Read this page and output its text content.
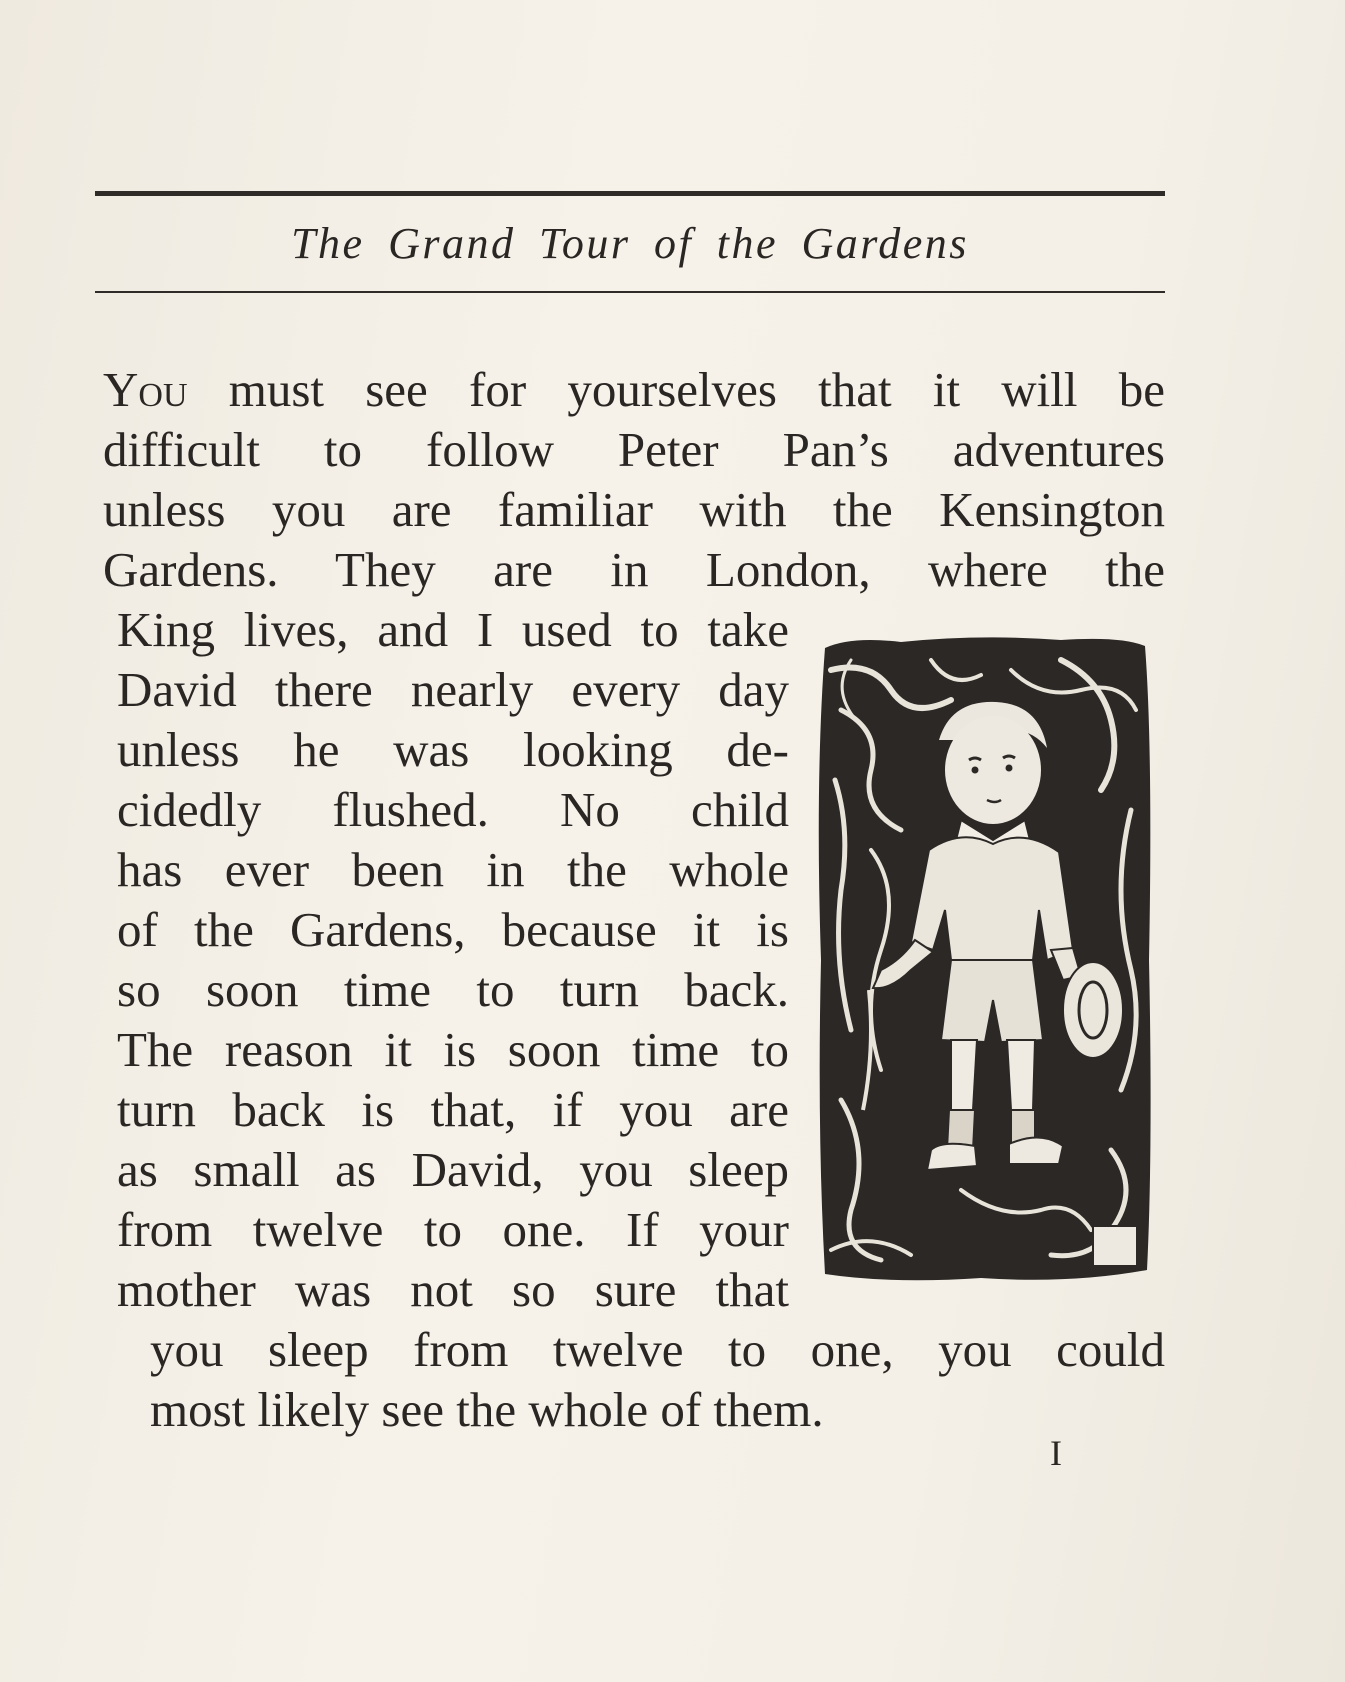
The Grand Tour of the Gardens
You must see for yourselves that it will be
difficult to follow Peter Pan’s adventures
unless you are familiar with the Kensington
Gardens. They are in London, where the
King lives, and I used to take
David there nearly every day
unless he was looking de-
cidedly flushed. No child
has ever been in the whole
of the Gardens, because it is
so soon time to turn back.
The reason it is soon time to
turn back is that, if you are
as small as David, you sleep
from twelve to one. If your
mother was not so sure that
you sleep from twelve to one, you could
most likely see the whole of them.
I
